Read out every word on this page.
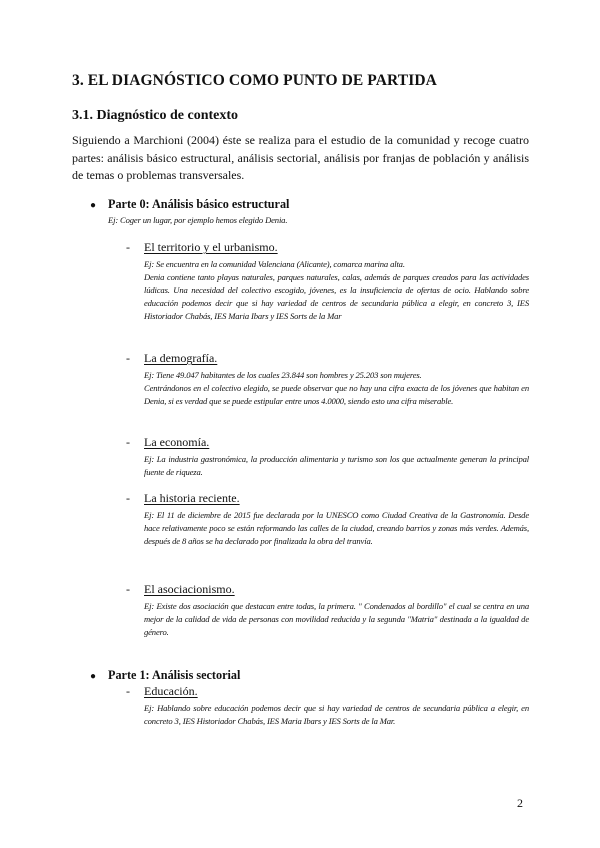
3. EL DIAGNÓSTICO COMO PUNTO DE PARTIDA
3.1. Diagnóstico de contexto
Siguiendo a Marchioni (2004) éste se realiza para el estudio de la comunidad y recoge cuatro partes: análisis básico estructural, análisis sectorial, análisis por franjas de población y análisis de temas o problemas transversales.
● Parte 0: Análisis básico estructural
Ej: Coger un lugar, por ejemplo hemos elegido Denia.
- El territorio y el urbanismo.

Ej: Se encuentra en la comunidad Valenciana (Alicante), comarca marina alta.

Denia contiene tanto playas naturales, parques naturales, calas, además de parques creados para las actividades lúdicas. Una necesidad del colectivo escogido, jóvenes, es la insuficiencia de ofertas de ocio. Hablando sobre educación podemos decir que si hay variedad de centros de secundaria pública a elegir, en concreto 3, IES Historiador Chabás, IES Maria Ibars y IES Sorts de la Mar

- La demografía.

Ej: Tiene 49.047 habitantes de los cuales 23.844 son hombres y 25.203 son mujeres.

Centrándonos en el colectivo elegido, se puede observar que no hay una cifra exacta de los jóvenes que habitan en Denia, si es verdad que se puede estipular entre unos 4.0000, siendo esto una cifra miserable.

- La economía.

Ej: La industria gastronómica, la producción alimentaria y turismo son los que actualmente generan la principal fuente de riqueza.

- La historia reciente.

Ej: El 11 de diciembre de 2015 fue declarada por la UNESCO como Ciudad Creativa de la Gastronomía. Desde hace relativamente poco se están reformando las calles de la ciudad, creando barrios y zonas más verdes. Además, después de 8 años se ha declarado por finalizada la obra del tranvía.

- El asociacionismo.

Ej: Existe dos asociación que destacan entre todas, la primera. " Condenados al bordillo" el cual se centra en una mejor de la calidad de vida de personas con movilidad reducida y la segunda "Matria" destinada a la igualdad de género.

● Parte 1: Análisis sectorial
- Educación.

Ej: Hablando sobre educación podemos decir que si hay variedad de centros de secundaria pública a elegir, en concreto 3, IES Historiador Chabás, IES Maria Ibars y IES Sorts de la Mar.

2
